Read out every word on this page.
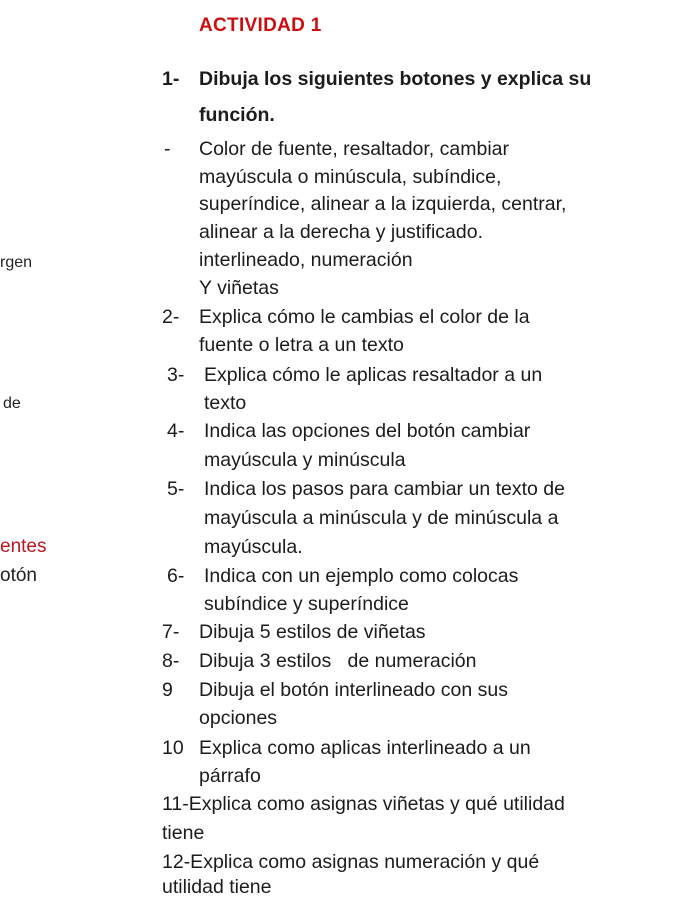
ACTIVIDAD 1
rgen
de
entes
otón
1- Dibuja los siguientes botones y explica su
función.
- Color de fuente, resaltador, cambiar
mayúscula o minúscula, subíndice,
superíndice, alinear a la izquierda, centrar,
alinear a la derecha y justificado.
interlineado, numeración
Y viñetas
2- Explica cómo le cambias el color de la
fuente o letra a un texto
3- Explica cómo le aplicas resaltador a un
texto
4- Indica las opciones del botón cambiar
mayúscula y minúscula
5- Indica los pasos para cambiar un texto de
mayúscula a minúscula y de minúscula a
mayúscula.
6- Indica con un ejemplo como colocas
subíndice y superíndice
7- Dibuja 5 estilos de viñetas
8- Dibuja 3 estilos   de numeración
9 Dibuja el botón interlineado con sus
opciones
10 Explica como aplicas interlineado a un
párrafo
11-Explica como asignas viñetas y qué utilidad
tiene
12-Explica como asignas numeración y qué
utilidad tiene
